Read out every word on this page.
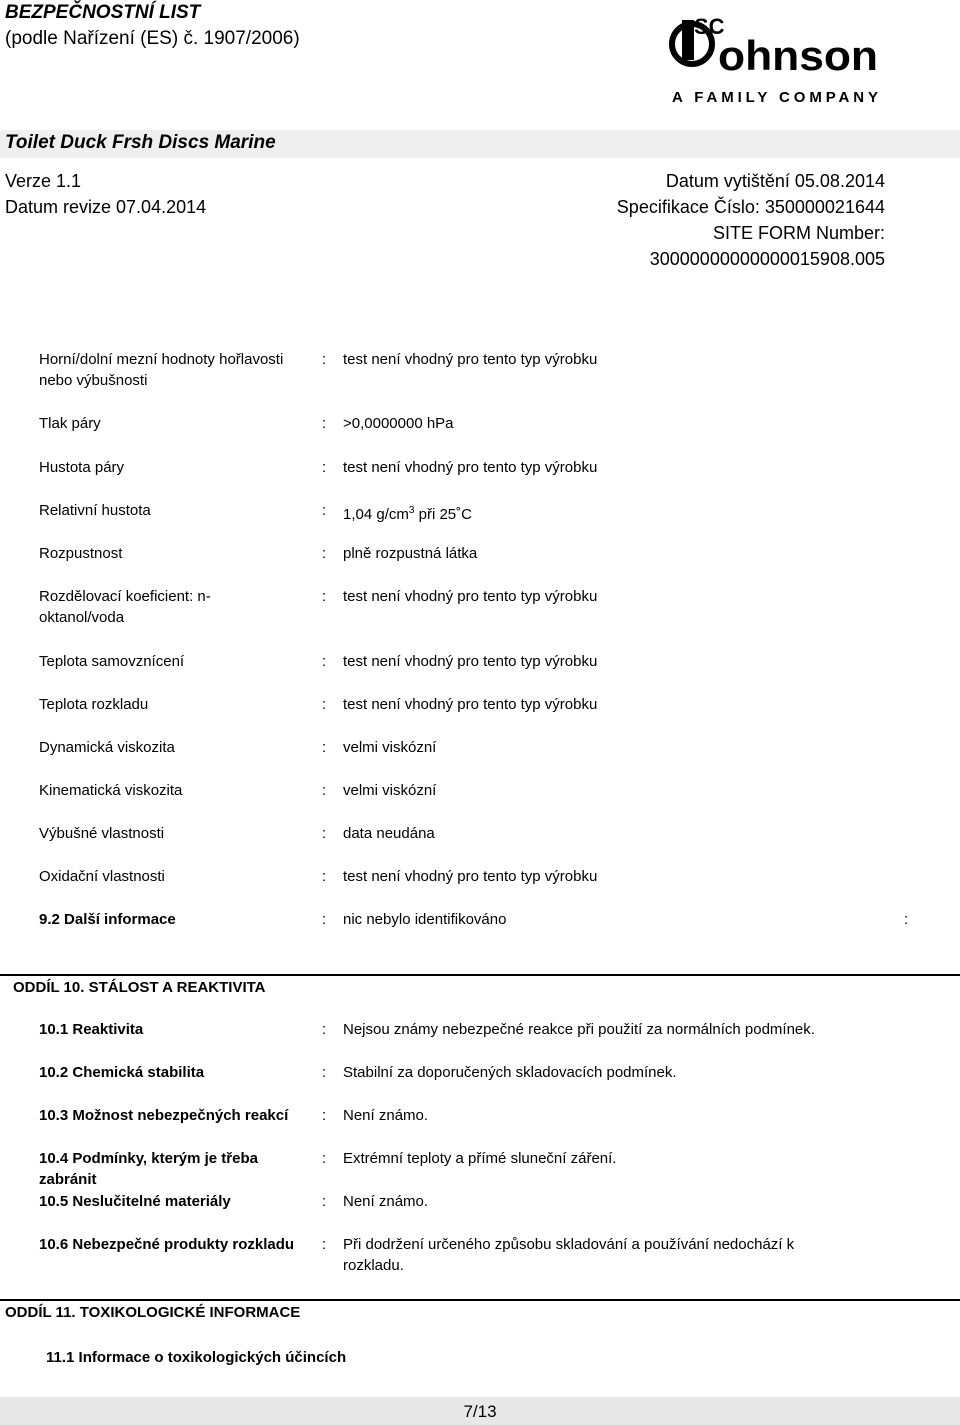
BEZPEČNOSTNÍ LIST
(podle Nařízení (ES) č. 1907/2006)	SC
ohnson
A FAMILY COMPANY
Toilet Duck Frsh Discs Marine
Verze 1.1
Datum revize 07.04.2014
Datum vytištění 05.08.2014
Specifikace Číslo: 350000021644
SITE FORM Number:
30000000000000015908.005
Horní/dolní mezní hodnoty hořlavosti nebo výbušnosti
: test není vhodný pro tento typ výrobku
Tlak páry	: >0,0000000 hPa
Hustota páry	: test není vhodný pro tento typ výrobku
Relativní hustota	: 1,04 $g/cm^3$ při 25˚C
Rozpustnost	: plně rozpustná látka
Rozdělovací koeficient: n-oktanol/voda
: test není vhodný pro tento typ výrobku
Teplota samovznícení	: test není vhodný pro tento typ výrobku
Teplota rozkladu	: test není vhodný pro tento typ výrobku
Dynamická viskozita	: velmi viskózní
Kinematická viskozita	: velmi viskózní
Výbušné vlastnosti	: data neudána
Oxidační vlastnosti	: test není vhodný pro tento typ výrobku
9.2 Další informace	: nic nebylo identifikováno	:
ODDÍL 10. STÁLOST A REAKTIVITA
10.1 Reaktivita	: Nejsou známy nebezpečné reakce při použití za normálních podmínek.
10.2 Chemická stabilita	: Stabilní za doporučených skladovacích podmínek.
10.3 Možnost nebezpečných reakcí	: Není známo.
10.4 Podmínky, kterým je třeba zabránit
: Extrémní teploty a přímé sluneční záření.
10.5 Neslučitelné materiály	: Není známo.
10.6 Nebezpečné produkty rozkladu	: Při dodržení určeného způsobu skladování a používání nedochází k rozkladu.
ODDÍL 11. TOXIKOLOGICKÉ INFORMACE
11.1 Informace o toxikologických účincích
7/13
